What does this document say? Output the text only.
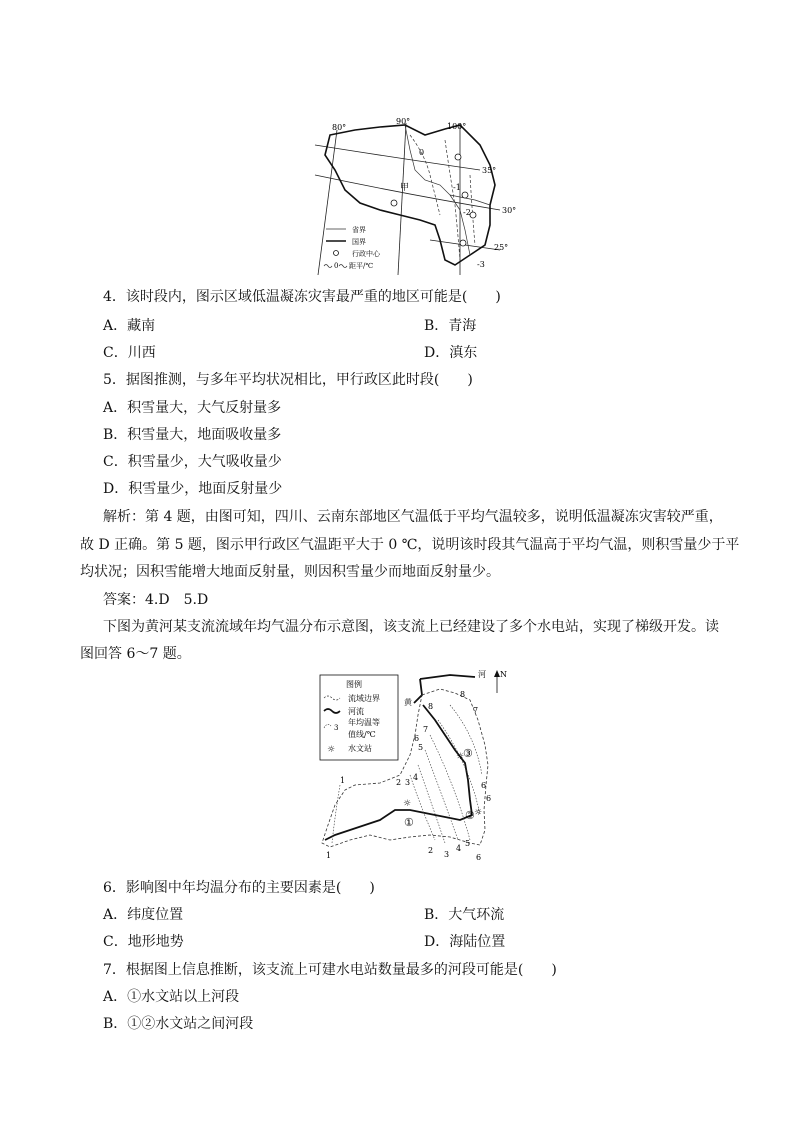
80°
90°
100°
35°
30°
25°
甲
0
-1
-2
-3
省界
国界
行政中心
0 距平/℃
4．该时段内，图示区域低温凝冻灾害最严重的地区可能是(　　)
A．藏南	B．青海
C．川西	D．滇东
5．据图推测，与多年平均状况相比，甲行政区此时段(　　)
A．积雪量大，大气反射量多
B．积雪量大，地面吸收量多
C．积雪量少，大气吸收量少
D．积雪量少，地面反射量少
解析：第 4 题，由图可知，四川、云南东部地区气温低于平均气温较多，说明低温凝冻灾害较严重，
故 D 正确。第 5 题，图示甲行政区气温距平大于 0 ℃，说明该时段其气温高于平均气温，则积雪量少于平
均状况；因积雪能增大地面反射量，则因积雪量少而地面反射量少。
答案：4.D　5.D
下图为黄河某支流流域年均气温分布示意图，该支流上已经建设了多个水电站，实现了梯级开发。读
图回答 6～7 题。
图例
流域边界
河流
3
年均温等
值线/℃
☼ 水文站
N
河
黄
☼
①
☼
②
☼
③
8
8	7
7
6
6
6
6
5
5
4
4
3
3
2
2
1
1
6．影响图中年均温分布的主要因素是(　　)
A．纬度位置	B．大气环流
C．地形地势	D．海陆位置
7．根据图上信息推断，该支流上可建水电站数量最多的河段可能是(　　)
A．①水文站以上河段
B．①②水文站之间河段
